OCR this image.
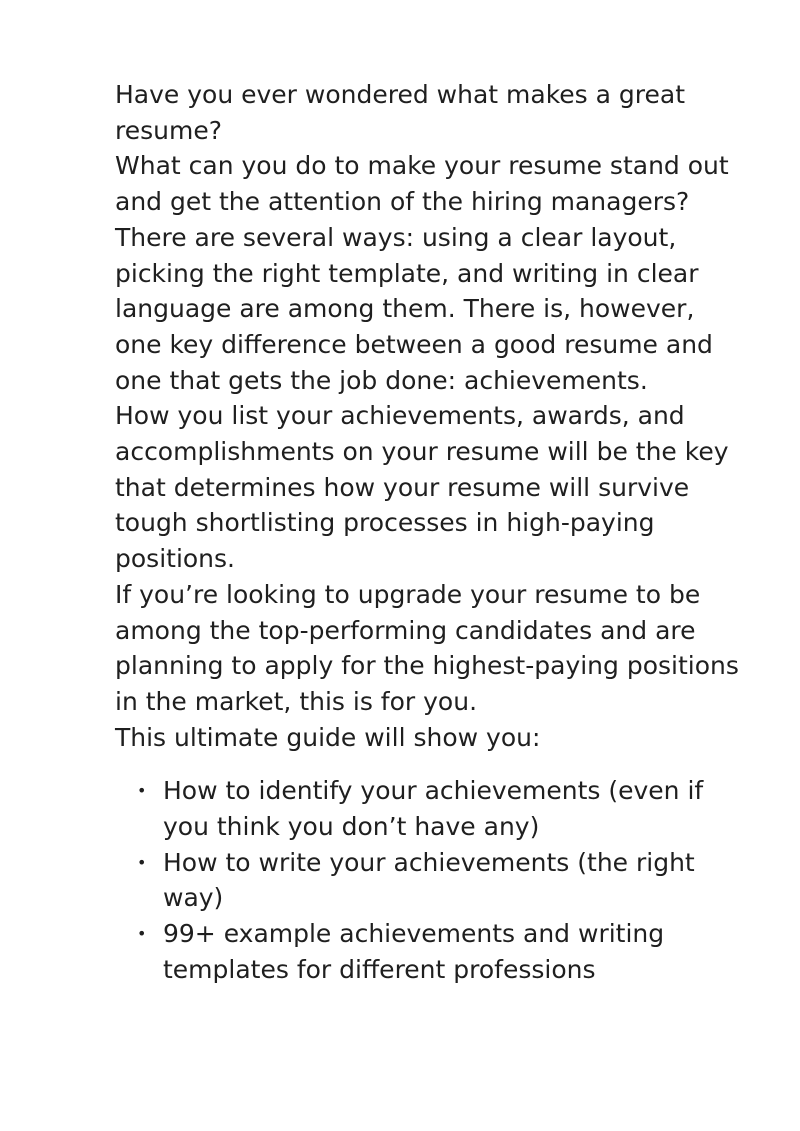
Have you ever wondered what makes a great resume?

What can you do to make your resume stand out and get the attention of the hiring managers?

There are several ways: using a clear layout, picking the right template, and writing in clear language are among them. There is, however, one key difference between a good resume and one that gets the job done: achievements.

How you list your achievements, awards, and accomplishments on your resume will be the key that determines how your resume will survive tough shortlisting processes in high-paying positions.

If you’re looking to upgrade your resume to be among the top-performing candidates and are planning to apply for the highest-paying positions in the market, this is for you.

This ultimate guide will show you:

• How to identify your achievements (even if you think you don’t have any)
• How to write your achievements (the right way)
• 99+ example achievements and writing templates for different professions
